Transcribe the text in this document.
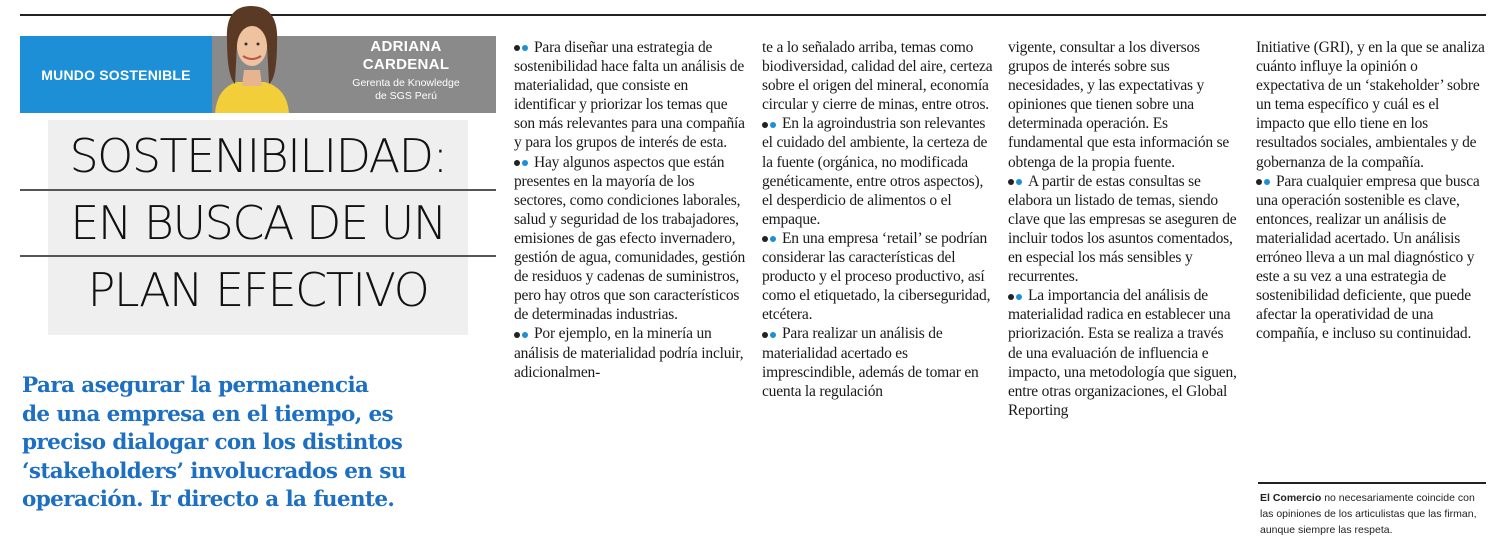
MUNDO SOSTENIBLE
ADRIANA
CARDENAL
Gerenta de Knowledge
de SGS Perú
SOSTENIBILIDAD:
EN BUSCA DE UN
PLAN EFECTIVO
Para asegurar la permanencia
de una empresa en el tiempo, es
preciso dialogar con los distintos
‘stakeholders’ involucrados en su
operación. Ir directo a la fuente.

Para diseñar una estrategia de sostenibilidad hace falta un análisis de materialidad, que consiste en identificar y priorizar los temas que son más relevantes para una compañía y para los grupos de interés de esta.

Hay algunos aspectos que están presentes en la mayoría de los sectores, como condiciones laborales, salud y seguridad de los trabajadores, emisiones de gas efecto invernadero, gestión de agua, comunidades, gestión de residuos y cadenas de suministros, pero hay otros que son característicos de determinadas industrias.

Por ejemplo, en la minería un análisis de materialidad podría incluir, adicionalmen-

te a lo señalado arriba, temas como biodiversidad, calidad del aire, certeza sobre el origen del mineral, economía circular y cierre de minas, entre otros.

En la agroindustria son relevantes el cuidado del ambiente, la certeza de la fuente (orgánica, no modificada genéticamente, entre otros aspectos), el desperdicio de alimentos o el empaque.

En una empresa ‘retail’ se podrían considerar las características del producto y el proceso productivo, así como el etiquetado, la ciberseguridad, etcétera.

Para realizar un análisis de materialidad acertado es imprescindible, además de tomar en cuenta la regulación

vigente, consultar a los diversos grupos de interés sobre sus necesidades, y las expectativas y opiniones que tienen sobre una determinada operación. Es fundamental que esta información se obtenga de la propia fuente.

A partir de estas consultas se elabora un listado de temas, siendo clave que las empresas se aseguren de incluir todos los asuntos comentados, en especial los más sensibles y recurrentes.

La importancia del análisis de materialidad radica en establecer una priorización. Esta se realiza a través de una evaluación de influencia e impacto, una metodología que siguen, entre otras organizaciones, el Global Reporting

Initiative (GRI), y en la que se analiza cuánto influye la opinión o expectativa de un ‘stakeholder’ sobre un tema específico y cuál es el impacto que ello tiene en los resultados sociales, ambientales y de gobernanza de la compañía.

Para cualquier empresa que busca una operación sostenible es clave, entonces, realizar un análisis de materialidad acertado. Un análisis erróneo lleva a un mal diagnóstico y este a su vez a una estrategia de sostenibilidad deficiente, que puede afectar la operatividad de una compañía, e incluso su continuidad.

El Comercio no necesariamente coincide con las opiniones de los articulistas que las firman, aunque siempre las respeta.
